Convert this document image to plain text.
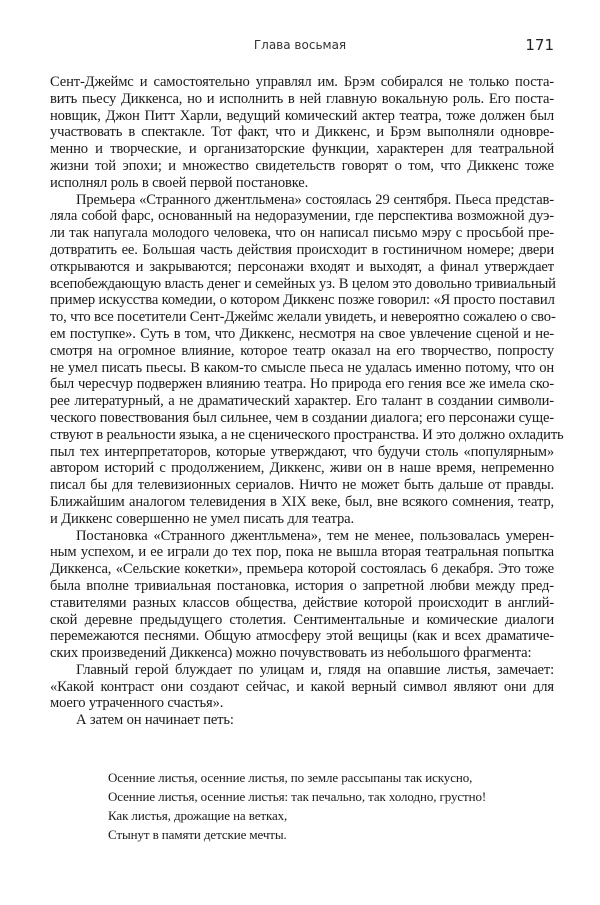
Глава восьмая	171
Сент-Джеймс и самостоятельно управлял им. Брэм собирался не только поста-
вить пьесу Диккенса, но и исполнить в ней главную вокальную роль. Его поста-
новщик, Джон Питт Харли, ведущий комический актер театра, тоже должен был
участвовать в спектакле. Тот факт, что и Диккенс, и Брэм выполняли одновре-
менно и творческие, и организаторские функции, характерен для театральной
жизни той эпохи; и множество свидетельств говорят о том, что Диккенс тоже
исполнял роль в своей первой постановке.
Премьера «Странного джентльмена» состоялась 29 сентября. Пьеса представ-
ляла собой фарс, основанный на недоразумении, где перспектива возможной дуэ-
ли так напугала молодого человека, что он написал письмо мэру с просьбой пре-
дотвратить ее. Большая часть действия происходит в гостиничном номере; двери
открываются и закрываются; персонажи входят и выходят, а финал утверждает
всепобеждающую власть денег и семейных уз. В целом это довольно тривиальный
пример искусства комедии, о котором Диккенс позже говорил: «Я просто поставил
то, что все посетители Сент-Джеймс желали увидеть, и невероятно сожалею о сво-
ем поступке». Суть в том, что Диккенс, несмотря на свое увлечение сценой и не-
смотря на огромное влияние, которое театр оказал на его творчество, попросту
не умел писать пьесы. В каком-то смысле пьеса не удалась именно потому, что он
был чересчур подвержен влиянию театра. Но природа его гения все же имела ско-
рее литературный, а не драматический характер. Его талант в создании символи-
ческого повествования был сильнее, чем в создании диалога; его персонажи суще-
ствуют в реальности языка, а не сценического пространства. И это должно охладить
пыл тех интерпретаторов, которые утверждают, что будучи столь «популярным»
автором историй с продолжением, Диккенс, живи он в наше время, непременно
писал бы для телевизионных сериалов. Ничто не может быть дальше от правды.
Ближайшим аналогом телевидения в XIX веке, был, вне всякого сомнения, театр,
и Диккенс совершенно не умел писать для театра.
Постановка «Странного джентльмена», тем не менее, пользовалась умерен-
ным успехом, и ее играли до тех пор, пока не вышла вторая театральная попытка
Диккенса, «Сельские кокетки», премьера которой состоялась 6 декабря. Это тоже
была вполне тривиальная постановка, история о запретной любви между пред-
ставителями разных классов общества, действие которой происходит в англий-
ской деревне предыдущего столетия. Сентиментальные и комические диалоги
перемежаются песнями. Общую атмосферу этой вещицы (как и всех драматиче-
ских произведений Диккенса) можно почувствовать из небольшого фрагмента:
Главный герой блуждает по улицам и, глядя на опавшие листья, замечает:
«Какой контраст они создают сейчас, и какой верный символ являют они для
моего утраченного счастья».
А затем он начинает петь:
Осенние листья, осенние листья, по земле рассыпаны так искусно,
Осенние листья, осенние листья: так печально, так холодно, грустно!
Как листья, дрожащие на ветках,
Стынут в памяти детские мечты.
